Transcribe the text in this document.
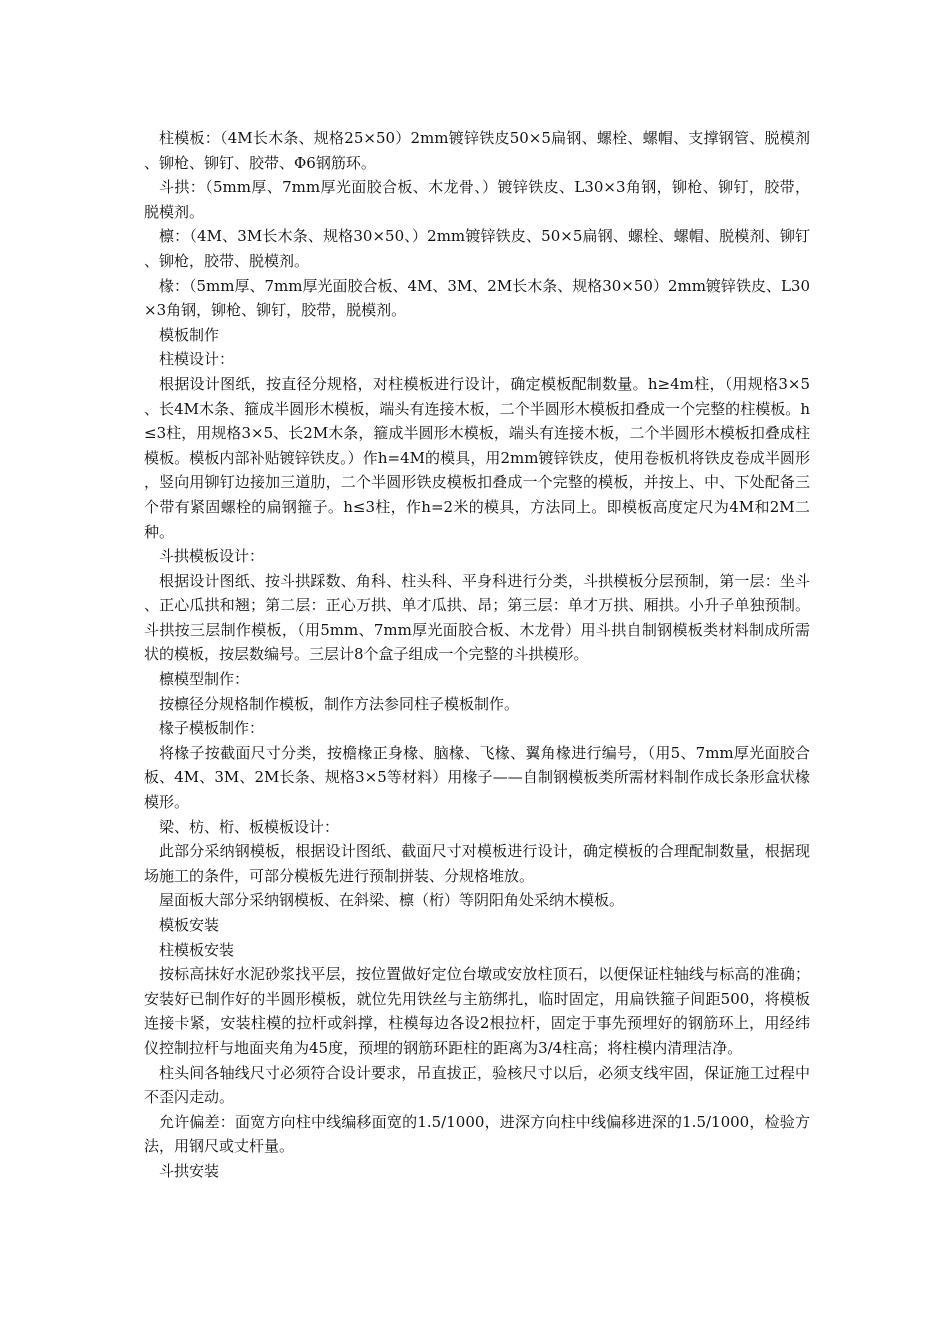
柱模板：（4M长木条、规格25×50）2mm镀锌铁皮50×5扁钢、螺栓、螺帽、支撑钢管、脱模剂、铆枪、铆钉、胶带、Φ6钢筋环。

斗拱：（5mm厚、7mm厚光面胶合板、木龙骨、）镀锌铁皮、L30×3角钢，铆枪、铆钉，胶带，脱模剂。

檩：（4M、3M长木条、规格30×50、）2mm镀锌铁皮、50×5扁钢、螺栓、螺帽、脱模剂、铆钉、铆枪，胶带、脱模剂。

椽：（5mm厚、7mm厚光面胶合板、4M、3M、2M长木条、规格30×50）2mm镀锌铁皮、L30×3角钢，铆枪、铆钉，胶带，脱模剂。

模板制作

柱模设计：

根据设计图纸，按直径分规格，对柱模板进行设计，确定模板配制数量。h≥4m柱，（用规格3×5、长4M木条、箍成半圆形木模板，端头有连接木板，二个半圆形木模板扣叠成一个完整的柱模板。h≤3柱，用规格3×5、长2M木条，箍成半圆形木模板，端头有连接木板，二个半圆形木模板扣叠成柱模板。模板内部补贴镀锌铁皮。）作h=4M的模具，用2mm镀锌铁皮，使用卷板机将铁皮卷成半圆形，竖向用铆钉边接加三道肋，二个半圆形铁皮模板扣叠成一个完整的模板，并按上、中、下处配备三个带有紧固螺栓的扁钢箍子。h≤3柱，作h=2米的模具，方法同上。即模板高度定尺为4M和2M二种。

斗拱模板设计：

根据设计图纸、按斗拱踩数、角科、柱头科、平身科进行分类，斗拱模板分层预制，第一层：坐斗、正心瓜拱和翘；第二层：正心万拱、单才瓜拱、昂；第三层：单才万拱、厢拱。小升子单独预制。斗拱按三层制作模板，（用5mm、7mm厚光面胶合板、木龙骨）用斗拱自制钢模板类材料制成所需状的模板，按层数编号。三层计8个盒子组成一个完整的斗拱模形。

檩模型制作：

按檩径分规格制作模板，制作方法参同柱子模板制作。

椽子模板制作：

将椽子按截面尺寸分类，按檐椽正身椽、脑椽、飞椽、翼角椽进行编号，（用5、7mm厚光面胶合板、4M、3M、2M长条、规格3×5等材料）用椽子——自制钢模板类所需材料制作成长条形盒状椽模形。

梁、枋、桁、板模板设计：

此部分采纳钢模板，根据设计图纸、截面尺寸对模板进行设计，确定模板的合理配制数量，根据现场施工的条件，可部分模板先进行预制拼装、分规格堆放。

屋面板大部分采纳钢模板、在斜梁、檩（桁）等阴阳角处采纳木模板。

模板安装

柱模板安装

按标高抹好水泥砂浆找平层，按位置做好定位台墩或安放柱顶石，以便保证柱轴线与标高的准确；安装好已制作好的半圆形模板，就位先用铁丝与主筋绑扎，临时固定，用扁铁箍子间距500，将模板连接卡紧，安装柱模的拉杆或斜撑，柱模每边各设2根拉杆，固定于事先预埋好的钢筋环上，用经纬仪控制拉杆与地面夹角为45度，预埋的钢筋环距柱的距离为3/4柱高；将柱模内清理洁净。

柱头间各轴线尺寸必须符合设计要求，吊直拔正，验核尺寸以后，必须支线牢固，保证施工过程中不歪闪走动。

允许偏差：面宽方向柱中线编移面宽的1.5/1000，进深方向柱中线偏移进深的1.5/1000，检验方法，用钢尺或丈杆量。

斗拱安装
